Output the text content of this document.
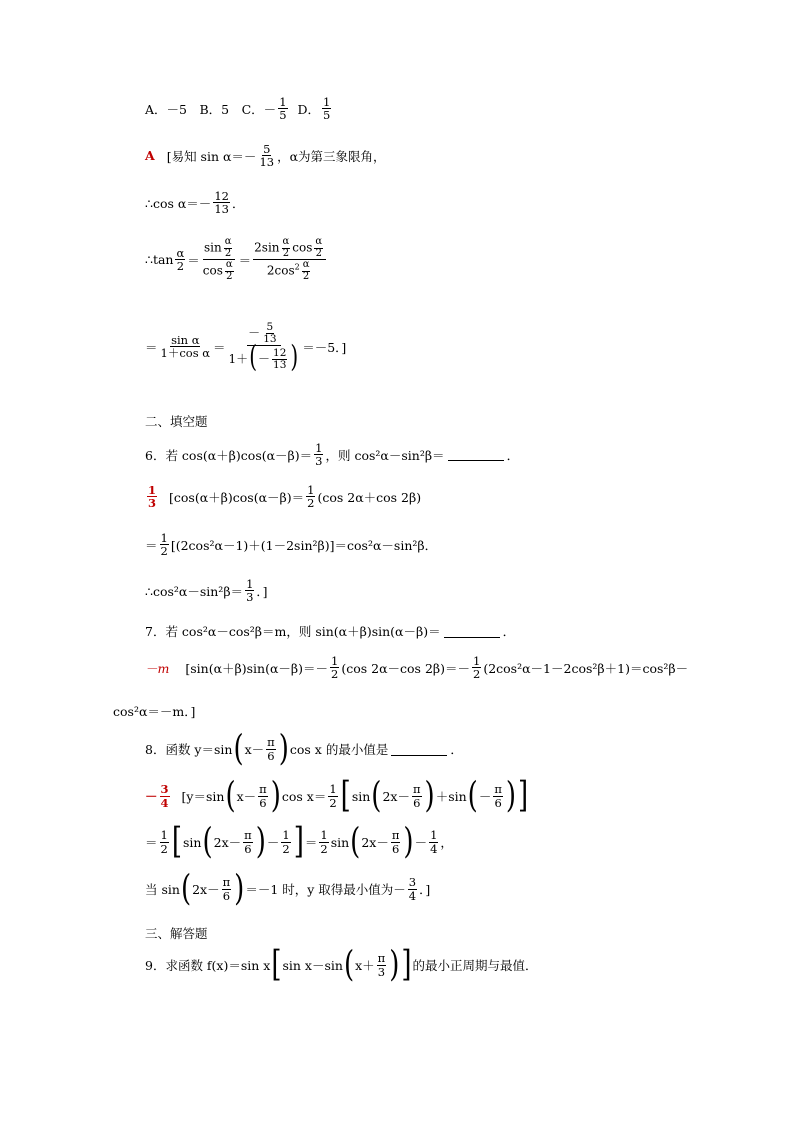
A．－5　B．5　C．－ $\frac{1}{5}$ D． $\frac{1}{5}$
A [易知 $\sin \alpha=- \frac{5}{13}$ ，α为第三象限角，
∴cos $\alpha=- \frac{12}{13}$ ．
∴tan $\frac{\alpha}{2} = \frac{\sin \frac{\alpha}{2}}{\cos \frac{\alpha}{2}} = \frac{2\sin \frac{\alpha}{2} \cos \frac{\alpha}{2}}{2\cos^2 \frac{\alpha}{2}}$
＝ $\frac{\text{sin α}}{\text{1＋cos α}} = \frac{- \frac{5}{13}}{1+(- \frac{12}{13} )} =-5$．]
二、填空题
6．若 $\cos(\alpha+\beta)\cos(\alpha-\beta)= \frac{1}{3}$ ，则 cos²α－sin²β＝	．
$\frac{1}{3} [\cos(\alpha+\beta)\cos(\alpha-\beta)= \frac{1}{2} (\cos$ 2α＋cos 2β)
＝ $\frac{1}{2} [(2\cos^2\alpha-1)+(1-2\sin^2\beta)]=\cos^2\alpha-\sin^2\beta$．
∴cos²α－sin²β＝ $\frac{1}{3}$ ．]
7．若 cos²α－cos²β＝m，则 sin(α＋β)sin(α－β)＝	．
－m [$\sin(\alpha+\beta)\sin(\alpha-\beta)=- \frac{1}{2} (\cos$ 2α－cos $2\beta)=- \frac{1}{2} (2\cos^2\alpha-1-2\cos^2\beta+1)=\cos^2\beta-$
cos²α＝－m．]
8．函数 y＝sin ( $x- \frac{\pi}{6}$ ) cos x 的最小值是	．
－ $\frac{3}{4} [y=\sin$ ( $x- \frac{\pi}{6}$ ) $\cos x= \frac{1}{2}$ [ sin ( $2x- \frac{\pi}{6}$ ) ＋sin ( － $\frac{\pi}{6}$ ) ]
＝ $\frac{1}{2}$ [ sin ( $2x- \frac{\pi}{6}$ ) － $\frac{1}{2}$ ] ＝ $\frac{1}{2}$ sin ( $2x- \frac{\pi}{6}$ ) － $\frac{1}{4}$ ，
当 sin ( $2x- \frac{\pi}{6}$ ) ＝－1 时，y 取得最小值为－ $\frac{3}{4}$ ．]
三、解答题
9．求函数 f(x)＝sin x [ sin x－sin ( $x+ \frac{\pi}{3}$ ) ] 的最小正周期与最值．
